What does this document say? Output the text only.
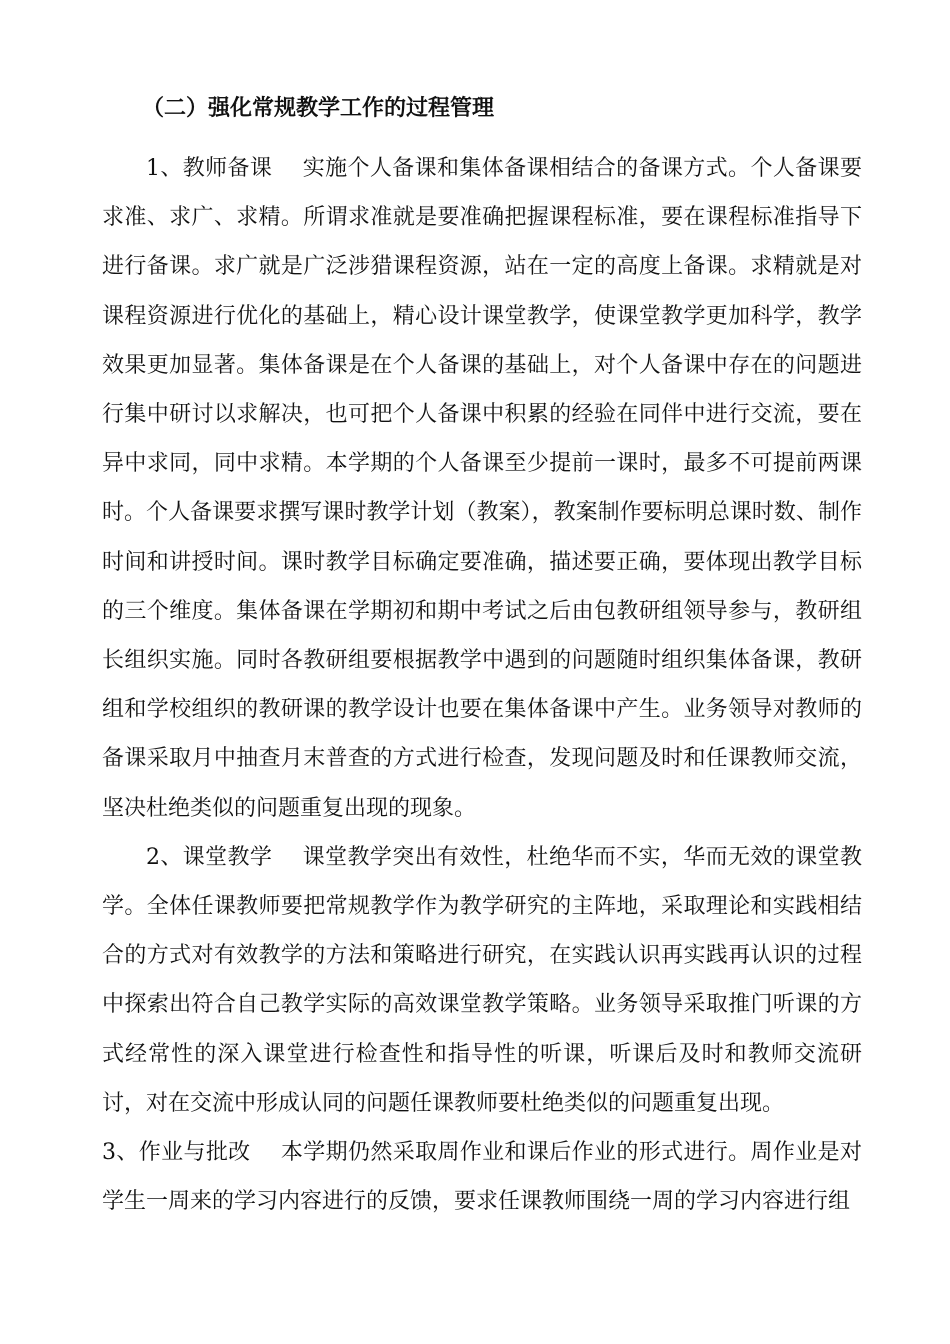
（二）强化常规教学工作的过程管理

1、教师备课 实施个人备课和集体备课相结合的备课方式。个人备课要求准、求广、求精。所谓求准就是要准确把握课程标准，要在课程标准指导下进行备课。求广就是广泛涉猎课程资源，站在一定的高度上备课。求精就是对课程资源进行优化的基础上，精心设计课堂教学，使课堂教学更加科学，教学效果更加显著。集体备课是在个人备课的基础上，对个人备课中存在的问题进行集中研讨以求解决，也可把个人备课中积累的经验在同伴中进行交流，要在异中求同，同中求精。本学期的个人备课至少提前一课时，最多不可提前两课时。个人备课要求撰写课时教学计划（教案），教案制作要标明总课时数、制作时间和讲授时间。课时教学目标确定要准确，描述要正确，要体现出教学目标的三个维度。集体备课在学期初和期中考试之后由包教研组领导参与，教研组长组织实施。同时各教研组要根据教学中遇到的问题随时组织集体备课，教研组和学校组织的教研课的教学设计也要在集体备课中产生。业务领导对教师的备课采取月中抽查月末普查的方式进行检查，发现问题及时和任课教师交流，坚决杜绝类似的问题重复出现的现象。

2、课堂教学 课堂教学突出有效性，杜绝华而不实，华而无效的课堂教学。全体任课教师要把常规教学作为教学研究的主阵地，采取理论和实践相结合的方式对有效教学的方法和策略进行研究，在实践认识再实践再认识的过程中探索出符合自己教学实际的高效课堂教学策略。业务领导采取推门听课的方式经常性的深入课堂进行检查性和指导性的听课，听课后及时和教师交流研讨，对在交流中形成认同的问题任课教师要杜绝类似的问题重复出现。

3、作业与批改 本学期仍然采取周作业和课后作业的形式进行。周作业是对学生一周来的学习内容进行的反馈，要求任课教师围绕一周的学习内容进行组
